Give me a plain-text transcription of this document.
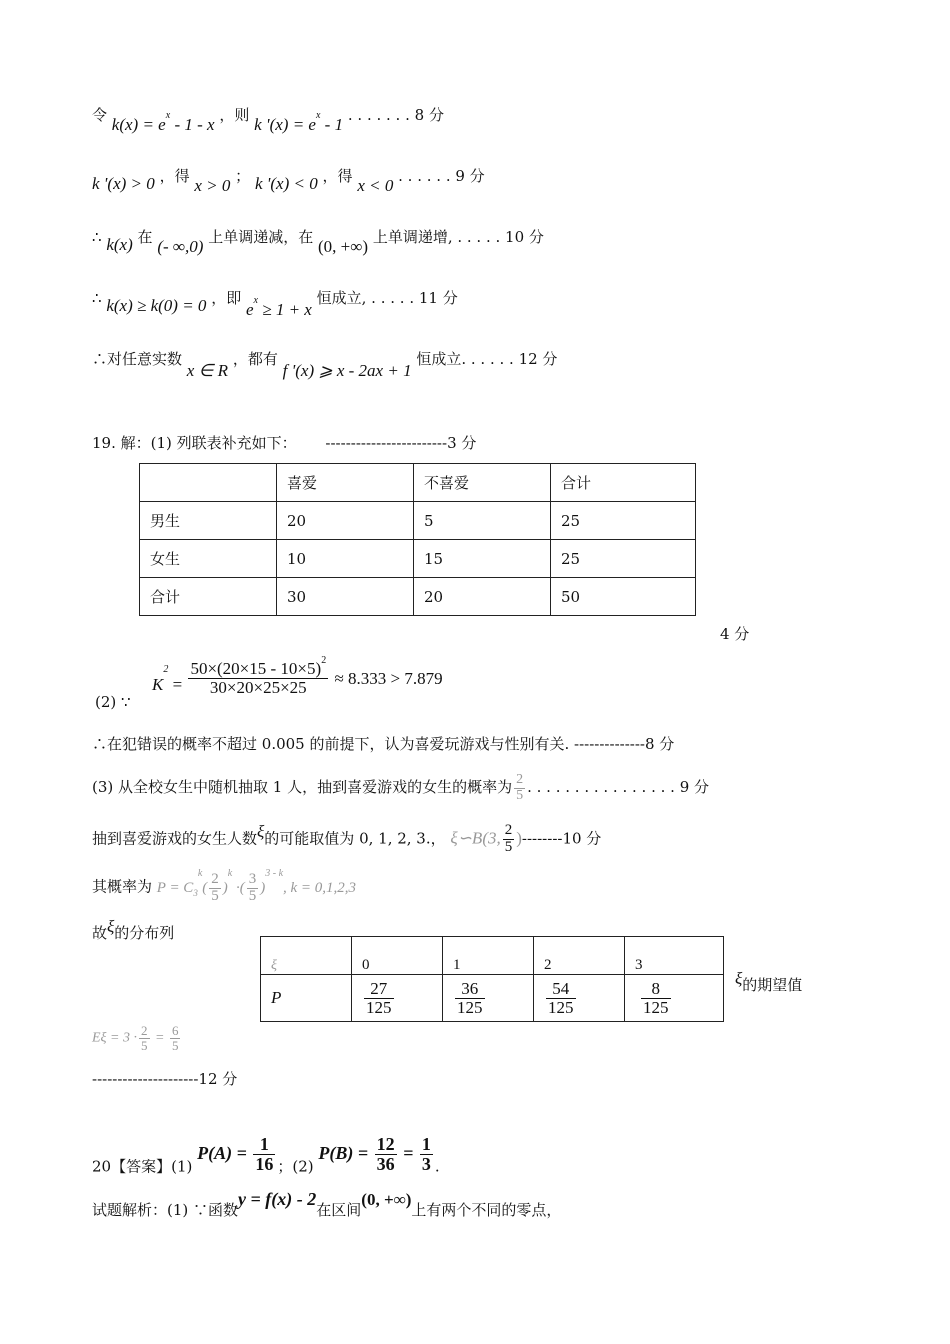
令 $k(x) = e^x - 1 - x$ ，则 k '$(x) = e^x - 1$ . . . . . . . 8 分
k '(x) > 0 ，得 x > 0 ； k '(x) < 0 ，得 x < 0 . . . . . . 9 分
∴ k(x) 在 (- ∞,0) 上单调递减，在 (0, +∞) 上单调递增, . . . . . 10 分
∴ k(x) ≥ k(0) = 0 ，即 $e^x \ge 1 + x$ 恒成立, . . . . . 11 分
∴对任意实数 x ∈ R ，都有 f '(x) ⩾ x - 2ax + 1 恒成立. . . . . . 12 分
19. 解：(1) 列联表补充如下： ------------------------3 分
	喜爱	不喜爱	合计
男生	20	5	25
女生	10	15	25
合计	30	20	50
4 分
(2) ∵
$K^2 = \frac{50\times(20\times 15 - 10\times 5)^2}{30\times 20\times 25\times 25} \approx 8.333 > 7.879$
∴在犯错误的概率不超过 0.005 的前提下，认为喜爱玩游戏与性别有关. --------------8 分
(3) 从全校女生中随机抽取 1 人，抽到喜爱游戏的女生的概率为 $\frac{2}{5}$ . . . . . . . . . . . . . . . . 9 分
抽到喜爱游戏的女生人数ξ的可能取值为 0, 1, 2, 3.， ξ∽B(3, $\frac{2}{5} )--------10$ 分
其概率为 $P = C_3^k( \frac{2}{5} )^k$ ·( $\frac{3}{5} )^{3 - k}$, k = 0,1,2,3
故ξ的分布列
ξ	0	1	2	3
P	$\frac{27}{125}$	$\frac{36}{125}$	$\frac{54}{125}$	$\frac{8}{125}$
ξ的期望值
$E\xi = 3 \cdot \frac{2}{5} = \frac{6}{5}$
---------------------12 分
20【答案】(1) $P(A) = \frac{1}{16}$ ；(2) $P(B) = \frac{12}{36} = \frac{1}{3}$ .
试题解析：(1) ∵函数y = f(x) - 2在区间(0, +∞)上有两个不同的零点，
